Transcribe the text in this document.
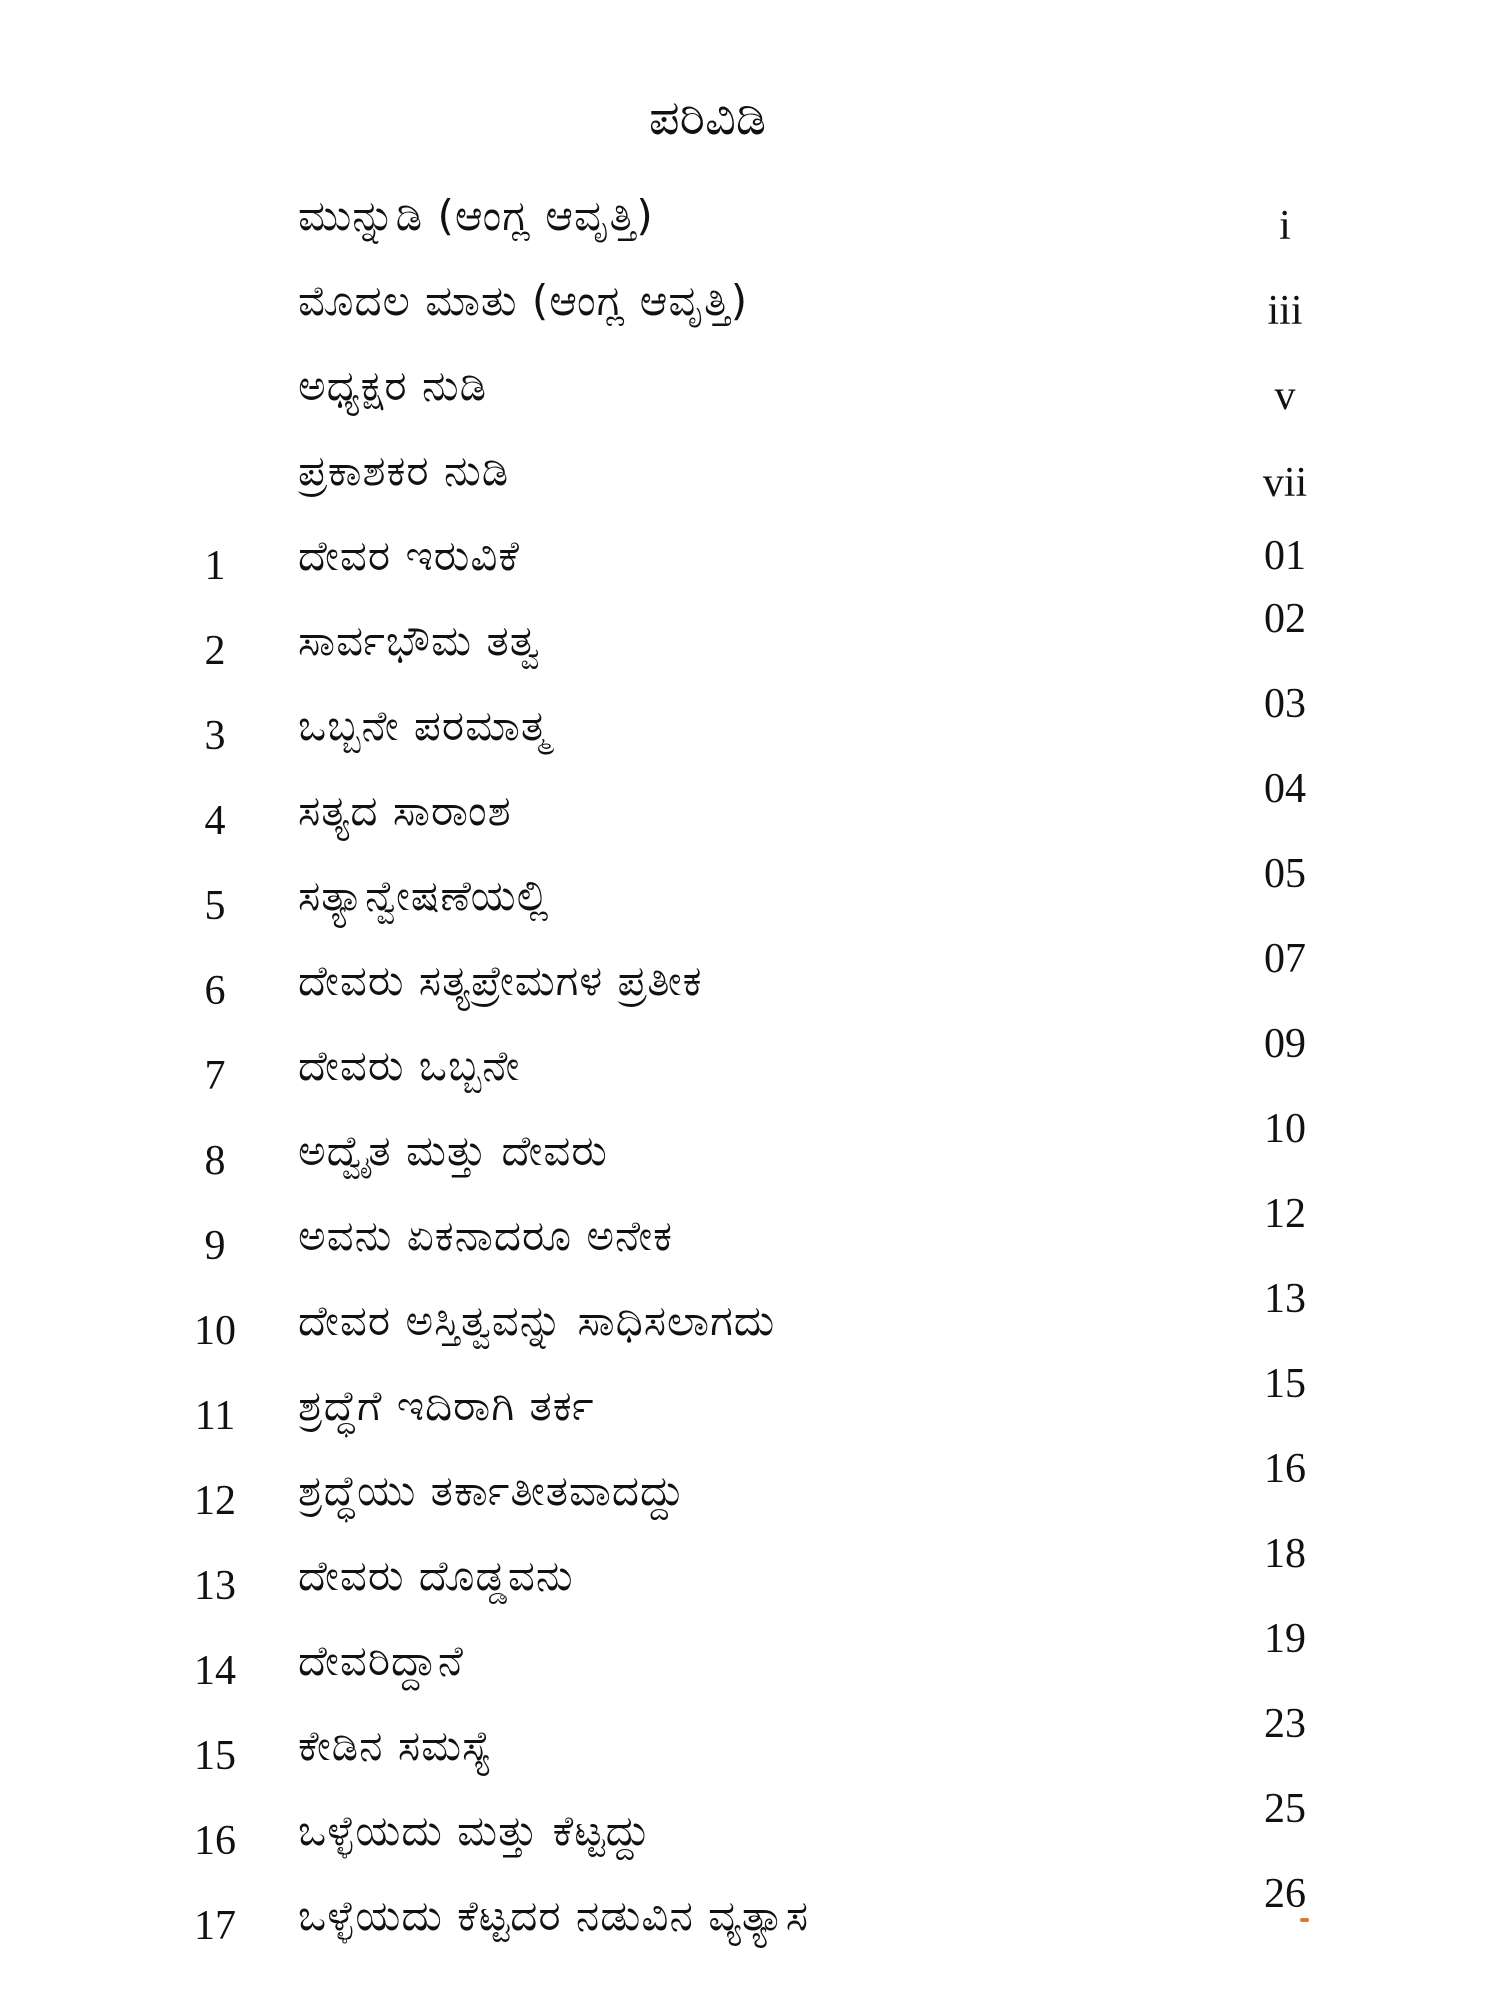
ಪರಿವಿಡಿ
ಮುನ್ನುಡಿ (ಆಂಗ್ಲ ಆವೃತ್ತಿ)	i
ಮೊದಲ ಮಾತು (ಆಂಗ್ಲ ಆವೃತ್ತಿ)	iii
ಅಧ್ಯಕ್ಷರ ನುಡಿ	v
ಪ್ರಕಾಶಕರ ನುಡಿ	vii
1	ದೇವರ ಇರುವಿಕೆ	01
2	ಸಾರ್ವಭೌಮ ತತ್ವ	02
3	ಒಬ್ಬನೇ ಪರಮಾತ್ಮ	03
4	ಸತ್ಯದ ಸಾರಾಂಶ	04
5	ಸತ್ಯಾನ್ವೇಷಣೆಯಲ್ಲಿ	05
6	ದೇವರು ಸತ್ಯಪ್ರೇಮಗಳ ಪ್ರತೀಕ	07
7	ದೇವರು ಒಬ್ಬನೇ	09
8	ಅದ್ವೈತ ಮತ್ತು ದೇವರು	10
9	ಅವನು ಏಕನಾದರೂ ಅನೇಕ	12
10	ದೇವರ ಅಸ್ತಿತ್ವವನ್ನು ಸಾಧಿಸಲಾಗದು	13
11	ಶ್ರದ್ಧೆಗೆ ಇದಿರಾಗಿ ತರ್ಕ	15
12	ಶ್ರದ್ಧೆಯು ತರ್ಕಾತೀತವಾದದ್ದು	16
13	ದೇವರು ದೊಡ್ಡವನು	18
14	ದೇವರಿದ್ದಾನೆ	19
15	ಕೇಡಿನ ಸಮಸ್ಯೆ	23
16	ಒಳ್ಳೆಯದು ಮತ್ತು ಕೆಟ್ಟದ್ದು	25
17	ಒಳ್ಳೆಯದು ಕೆಟ್ಟದರ ನಡುವಿನ ವ್ಯತ್ಯಾಸ	26
